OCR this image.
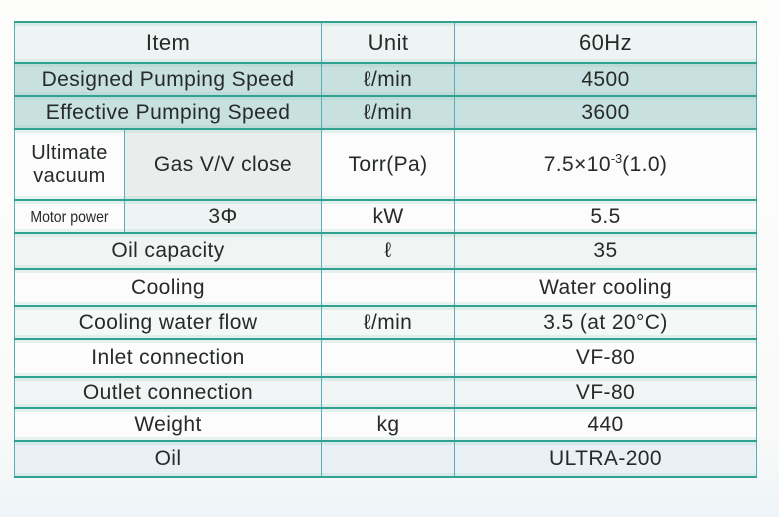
Item		Unit	60Hz
Designed Pumping Speed		ℓ/min	4500
Effective Pumping Speed		ℓ/min	3600
Ultimate vacuum	Gas V/V close	Torr(Pa)	$7.5\times 10^{-3}(1.0)$
Motor power	3Φ	kW	5.5
Oil capacity		ℓ	35
Cooling			Water cooling
Cooling water flow		ℓ/min	3.5 (at 20°C)
Inlet connection			VF-80
Outlet connection			VF-80
Weight		kg	440
Oil			ULTRA-200
